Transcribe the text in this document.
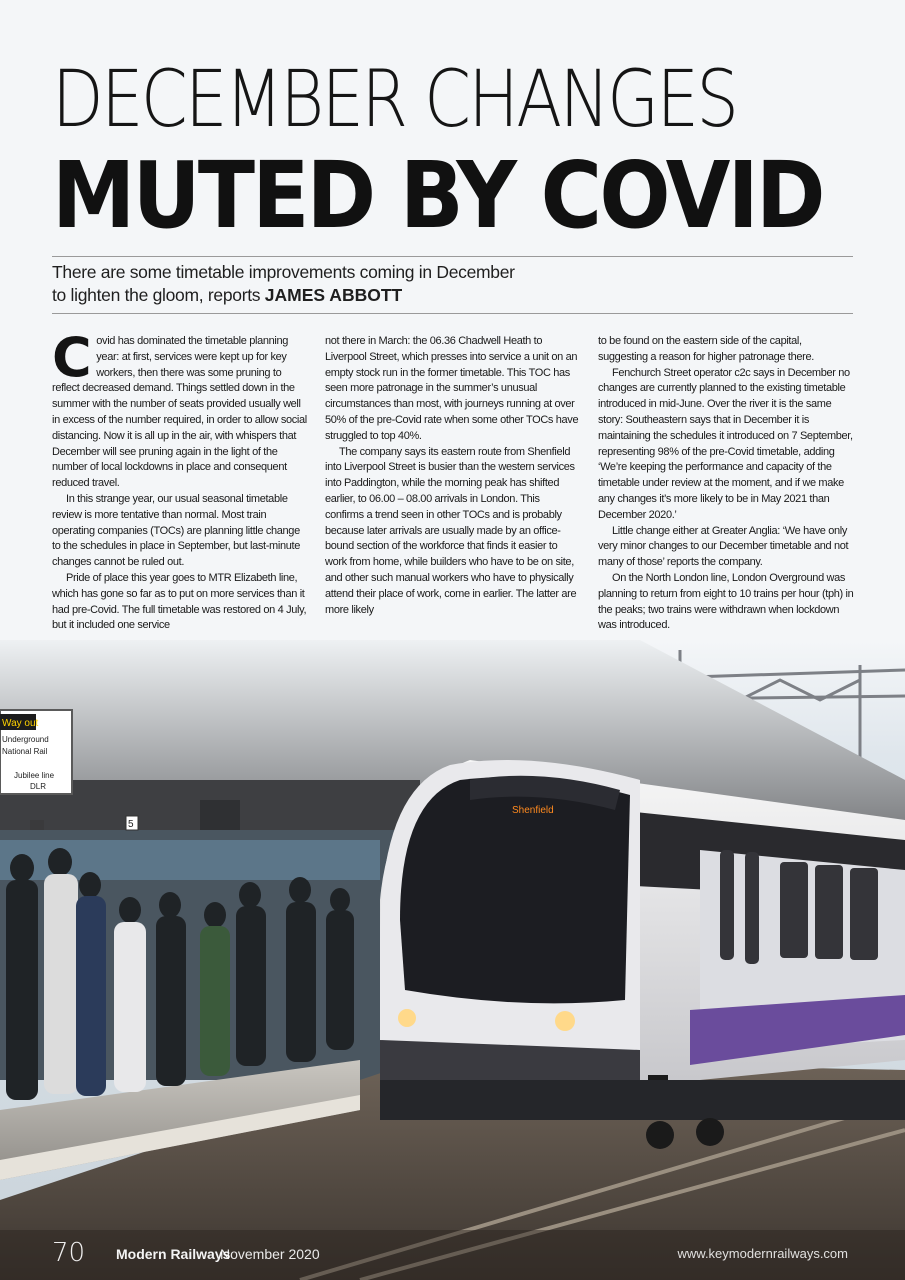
DECEMBER CHANGES
MUTED BY COVID
There are some timetable improvements coming in December
to lighten the gloom, reports JAMES ABBOTT

Covid has dominated the timetable planning year: at first, services were kept up for key workers, then there was some pruning to reflect decreased demand. Things settled down in the summer with the number of seats provided usually well in excess of the number required, in order to allow social distancing. Now it is all up in the air, with whispers that December will see pruning again in the light of the number of local lockdowns in place and consequent reduced travel.

In this strange year, our usual seasonal timetable review is more tentative than normal. Most train operating companies (TOCs) are planning little change to the schedules in place in September, but last-minute changes cannot be ruled out.

Pride of place this year goes to MTR Elizabeth line, which has gone so far as to put on more services than it had pre-Covid. The full timetable was restored on 4 July, but it included one service

not there in March: the 06.36 Chadwell Heath to Liverpool Street, which presses into service a unit on an empty stock run in the former timetable. This TOC has seen more patronage in the summer’s unusual circumstances than most, with journeys running at over 50% of the pre-Covid rate when some other TOCs have struggled to top 40%.

The company says its eastern route from Shenfield into Liverpool Street is busier than the western services into Paddington, while the morning peak has shifted earlier, to 06.00 – 08.00 arrivals in London. This confirms a trend seen in other TOCs and is probably because later arrivals are usually made by an office-bound section of the workforce that finds it easier to work from home, while builders who have to be on site, and other such manual workers who have to physically attend their place of work, come in earlier. The latter are more likely

to be found on the eastern side of the capital, suggesting a reason for higher patronage there.

Fenchurch Street operator c2c says in December no changes are currently planned to the existing timetable introduced in mid-June. Over the river it is the same story: Southeastern says that in December it is maintaining the schedules it introduced on 7 September, representing 98% of the pre-Covid timetable, adding ‘We’re keeping the performance and capacity of the timetable under review at the moment, and if we make any changes it’s more likely to be in May 2021 than December 2020.’

Little change either at Greater Anglia: ‘We have only very minor changes to our December timetable and not many of those’ reports the company.

On the North London line, London Overground was planning to return from eight to 10 trains per hour (tph) in the peaks; two trains were withdrawn when lockdown was introduced.

Way out
Underground
National Rail
Jubilee line
DLR
5
Shenfield
70 Modern Railways
November 2020	www.keymodernrailways.com
